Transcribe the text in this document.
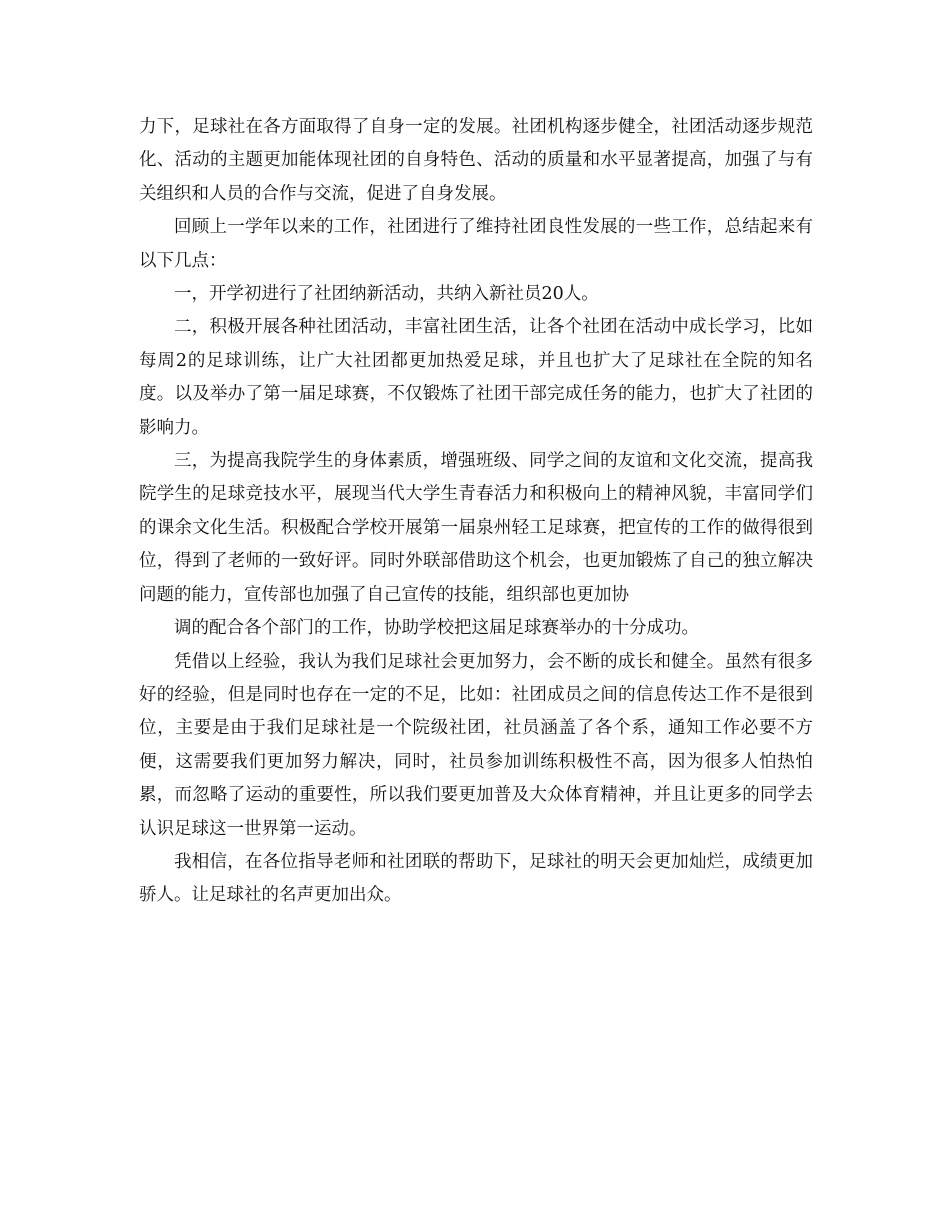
力下，足球社在各方面取得了自身一定的发展。社团机构逐步健全，社团活动逐步规范化、活动的主题更加能体现社团的自身特色、活动的质量和水平显著提高，加强了与有关组织和人员的合作与交流，促进了自身发展。

回顾上一学年以来的工作，社团进行了维持社团良性发展的一些工作，总结起来有以下几点：

一，开学初进行了社团纳新活动，共纳入新社员20人。

二，积极开展各种社团活动，丰富社团生活，让各个社团在活动中成长学习，比如每周2的足球训练，让广大社团都更加热爱足球，并且也扩大了足球社在全院的知名度。以及举办了第一届足球赛，不仅锻炼了社团干部完成任务的能力，也扩大了社团的影响力。

三，为提高我院学生的身体素质，增强班级、同学之间的友谊和文化交流，提高我院学生的足球竞技水平，展现当代大学生青春活力和积极向上的精神风貌，丰富同学们的课余文化生活。积极配合学校开展第一届泉州轻工足球赛，把宣传的工作的做得很到位，得到了老师的一致好评。同时外联部借助这个机会，也更加锻炼了自己的独立解决问题的能力，宣传部也加强了自己宣传的技能，组织部也更加协

调的配合各个部门的工作，协助学校把这届足球赛举办的十分成功。

凭借以上经验，我认为我们足球社会更加努力，会不断的成长和健全。虽然有很多好的经验，但是同时也存在一定的不足，比如：社团成员之间的信息传达工作不是很到位，主要是由于我们足球社是一个院级社团，社员涵盖了各个系，通知工作必要不方便，这需要我们更加努力解决，同时，社员参加训练积极性不高，因为很多人怕热怕累，而忽略了运动的重要性，所以我们要更加普及大众体育精神，并且让更多的同学去认识足球这一世界第一运动。

我相信，在各位指导老师和社团联的帮助下，足球社的明天会更加灿烂，成绩更加骄人。让足球社的名声更加出众。
